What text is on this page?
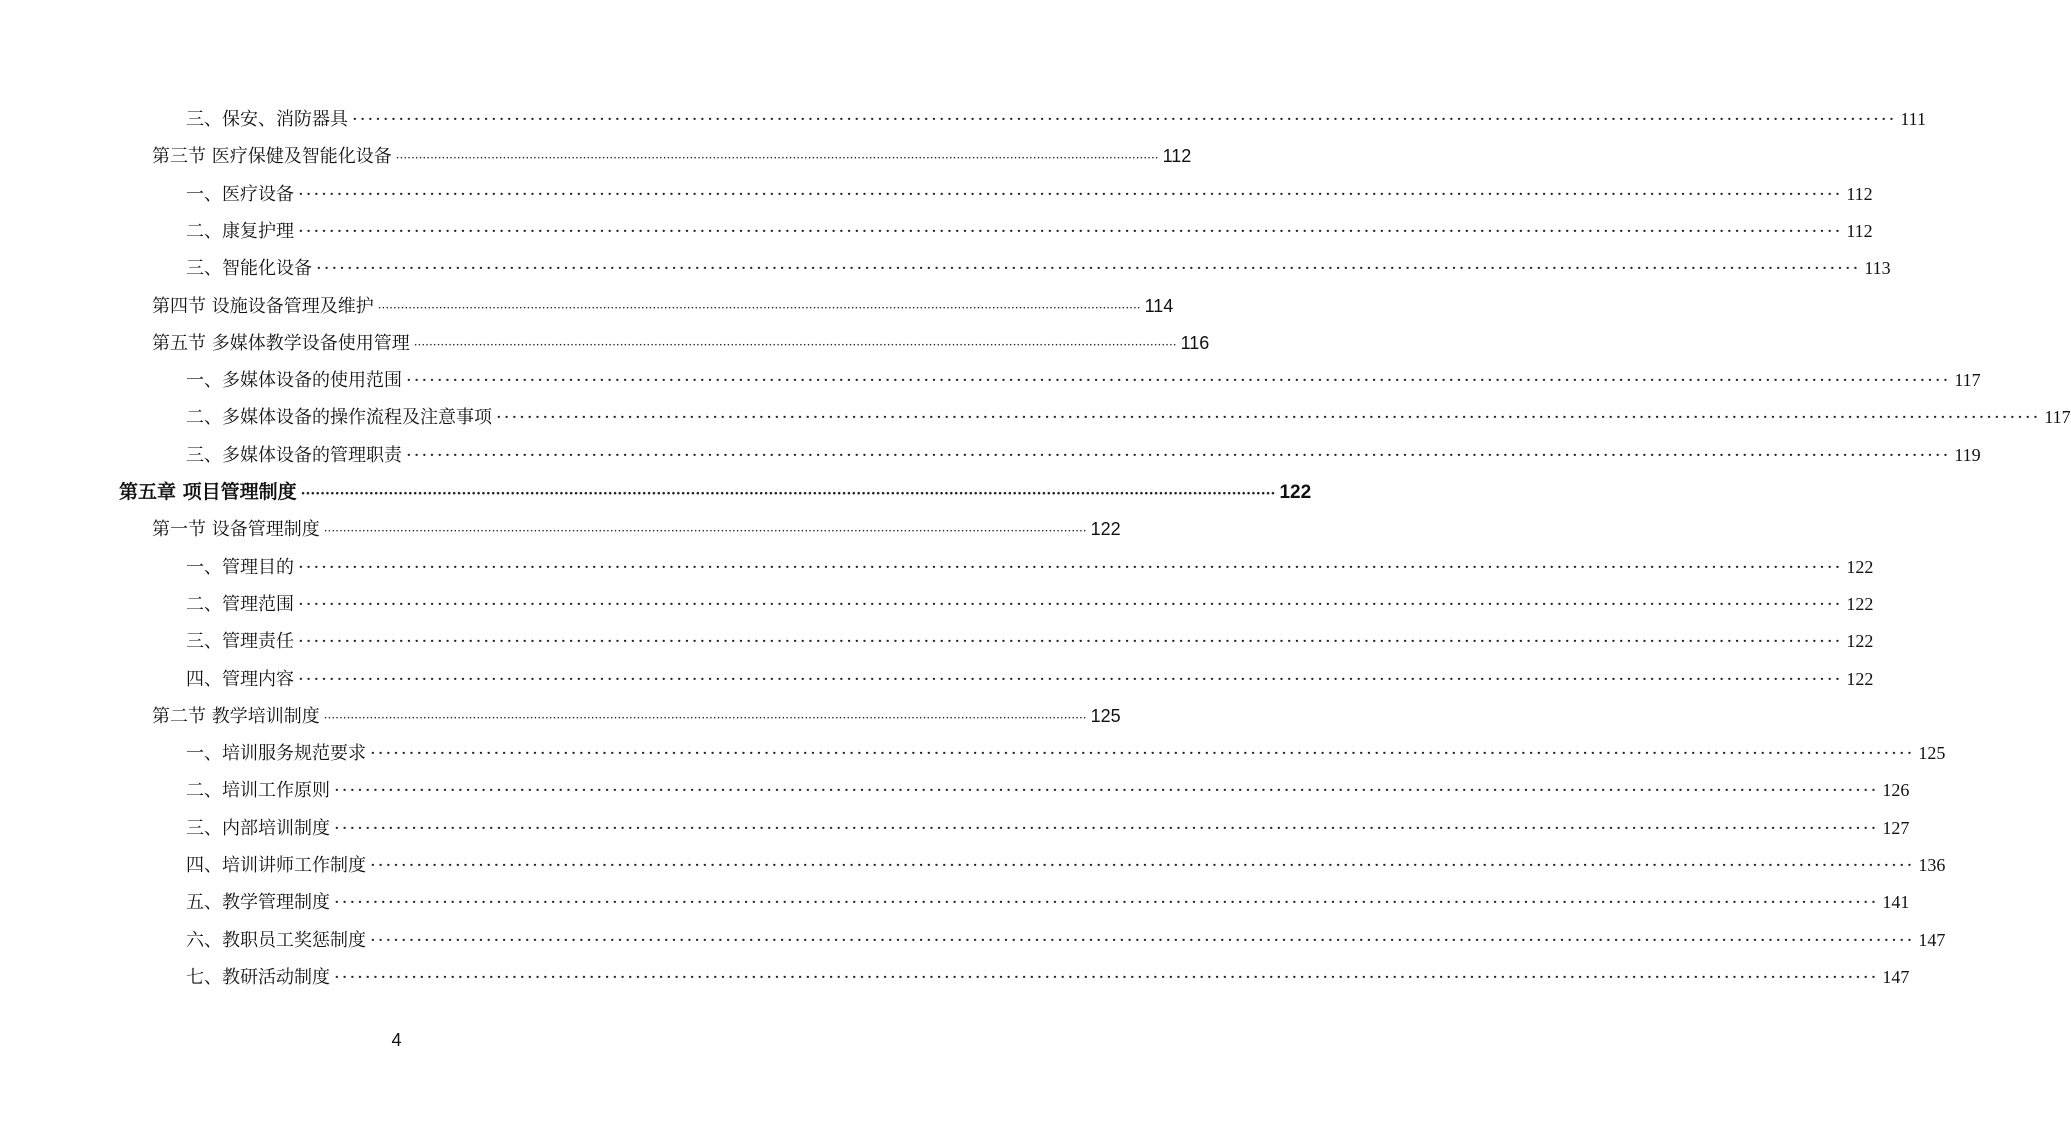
三、保安、消防器具 ········································································································································································································ 111
第三节 医疗保健及智能化设备 ········································································································································································································ 112
一、医疗设备 ········································································································································································································ 112
二、康复护理 ········································································································································································································ 112
三、智能化设备 ········································································································································································································ 113
第四节 设施设备管理及维护 ········································································································································································································ 114
第五节 多媒体教学设备使用管理 ········································································································································································································ 116
一、多媒体设备的使用范围 ········································································································································································································ 117
二、多媒体设备的操作流程及注意事项 ········································································································································································································ 117
三、多媒体设备的管理职责 ········································································································································································································ 119
第五章 项目管理制度 ········································································································································································································ 122
第一节 设备管理制度 ········································································································································································································ 122
一、管理目的 ········································································································································································································ 122
二、管理范围 ········································································································································································································ 122
三、管理责任 ········································································································································································································ 122
四、管理内容 ········································································································································································································ 122
第二节 教学培训制度 ········································································································································································································ 125
一、培训服务规范要求 ········································································································································································································ 125
二、培训工作原则 ········································································································································································································ 126
三、内部培训制度 ········································································································································································································ 127
四、培训讲师工作制度 ········································································································································································································ 136
五、教学管理制度 ········································································································································································································ 141
六、教职员工奖惩制度 ········································································································································································································ 147
七、教研活动制度 ········································································································································································································ 147
4
